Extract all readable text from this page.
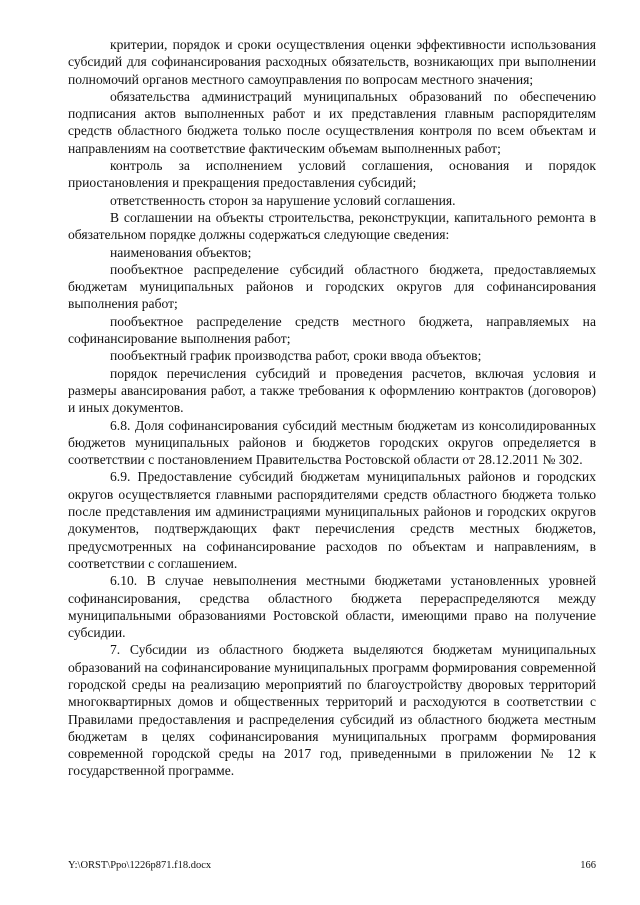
критерии, порядок и сроки осуществления оценки эффективности использования субсидий для софинансирования расходных обязательств, возникающих при выполнении полномочий органов местного самоуправления по вопросам местного значения;

обязательства администраций муниципальных образований по обеспечению подписания актов выполненных работ и их представления главным распорядителям средств областного бюджета только после осуществления контроля по всем объектам и направлениям на соответствие фактическим объемам выполненных работ;

контроль за исполнением условий соглашения, основания и порядок приостановления и прекращения предоставления субсидий;

ответственность сторон за нарушение условий соглашения.

В соглашении на объекты строительства, реконструкции, капитального ремонта в обязательном порядке должны содержаться следующие сведения:

наименования объектов;

пообъектное распределение субсидий областного бюджета, предоставляемых бюджетам муниципальных районов и городских округов для софинансирования выполнения работ;

пообъектное распределение средств местного бюджета, направляемых на софинансирование выполнения работ;

пообъектный график производства работ, сроки ввода объектов;

порядок перечисления субсидий и проведения расчетов, включая условия и размеры авансирования работ, а также требования к оформлению контрактов (договоров) и иных документов.

6.8. Доля софинансирования субсидий местным бюджетам из консолидированных бюджетов муниципальных районов и бюджетов городских округов определяется в соответствии с постановлением Правительства Ростовской области от 28.12.2011 № 302.

6.9. Предоставление субсидий бюджетам муниципальных районов и городских округов осуществляется главными распорядителями средств областного бюджета только после представления им администрациями муниципальных районов и городских округов документов, подтверждающих факт перечисления средств местных бюджетов, предусмотренных на софинансирование расходов по объектам и направлениям, в соответствии с соглашением.

6.10. В случае невыполнения местными бюджетами установленных уровней софинансирования, средства областного бюджета перераспределяются между муниципальными образованиями Ростовской области, имеющими право на получение субсидии.

7. Субсидии из областного бюджета выделяются бюджетам муниципальных образований на софинансирование муниципальных программ формирования современной городской среды на реализацию мероприятий по благоустройству дворовых территорий многоквартирных домов и общественных территорий и расходуются в соответствии с Правилами предоставления и распределения субсидий из областного бюджета местным бюджетам в целях софинансирования муниципальных программ формирования современной городской среды на 2017 год, приведенными в приложении № 12 к государственной программе.

Y:\ORST\Ppo\1226p871.f18.docx	166
